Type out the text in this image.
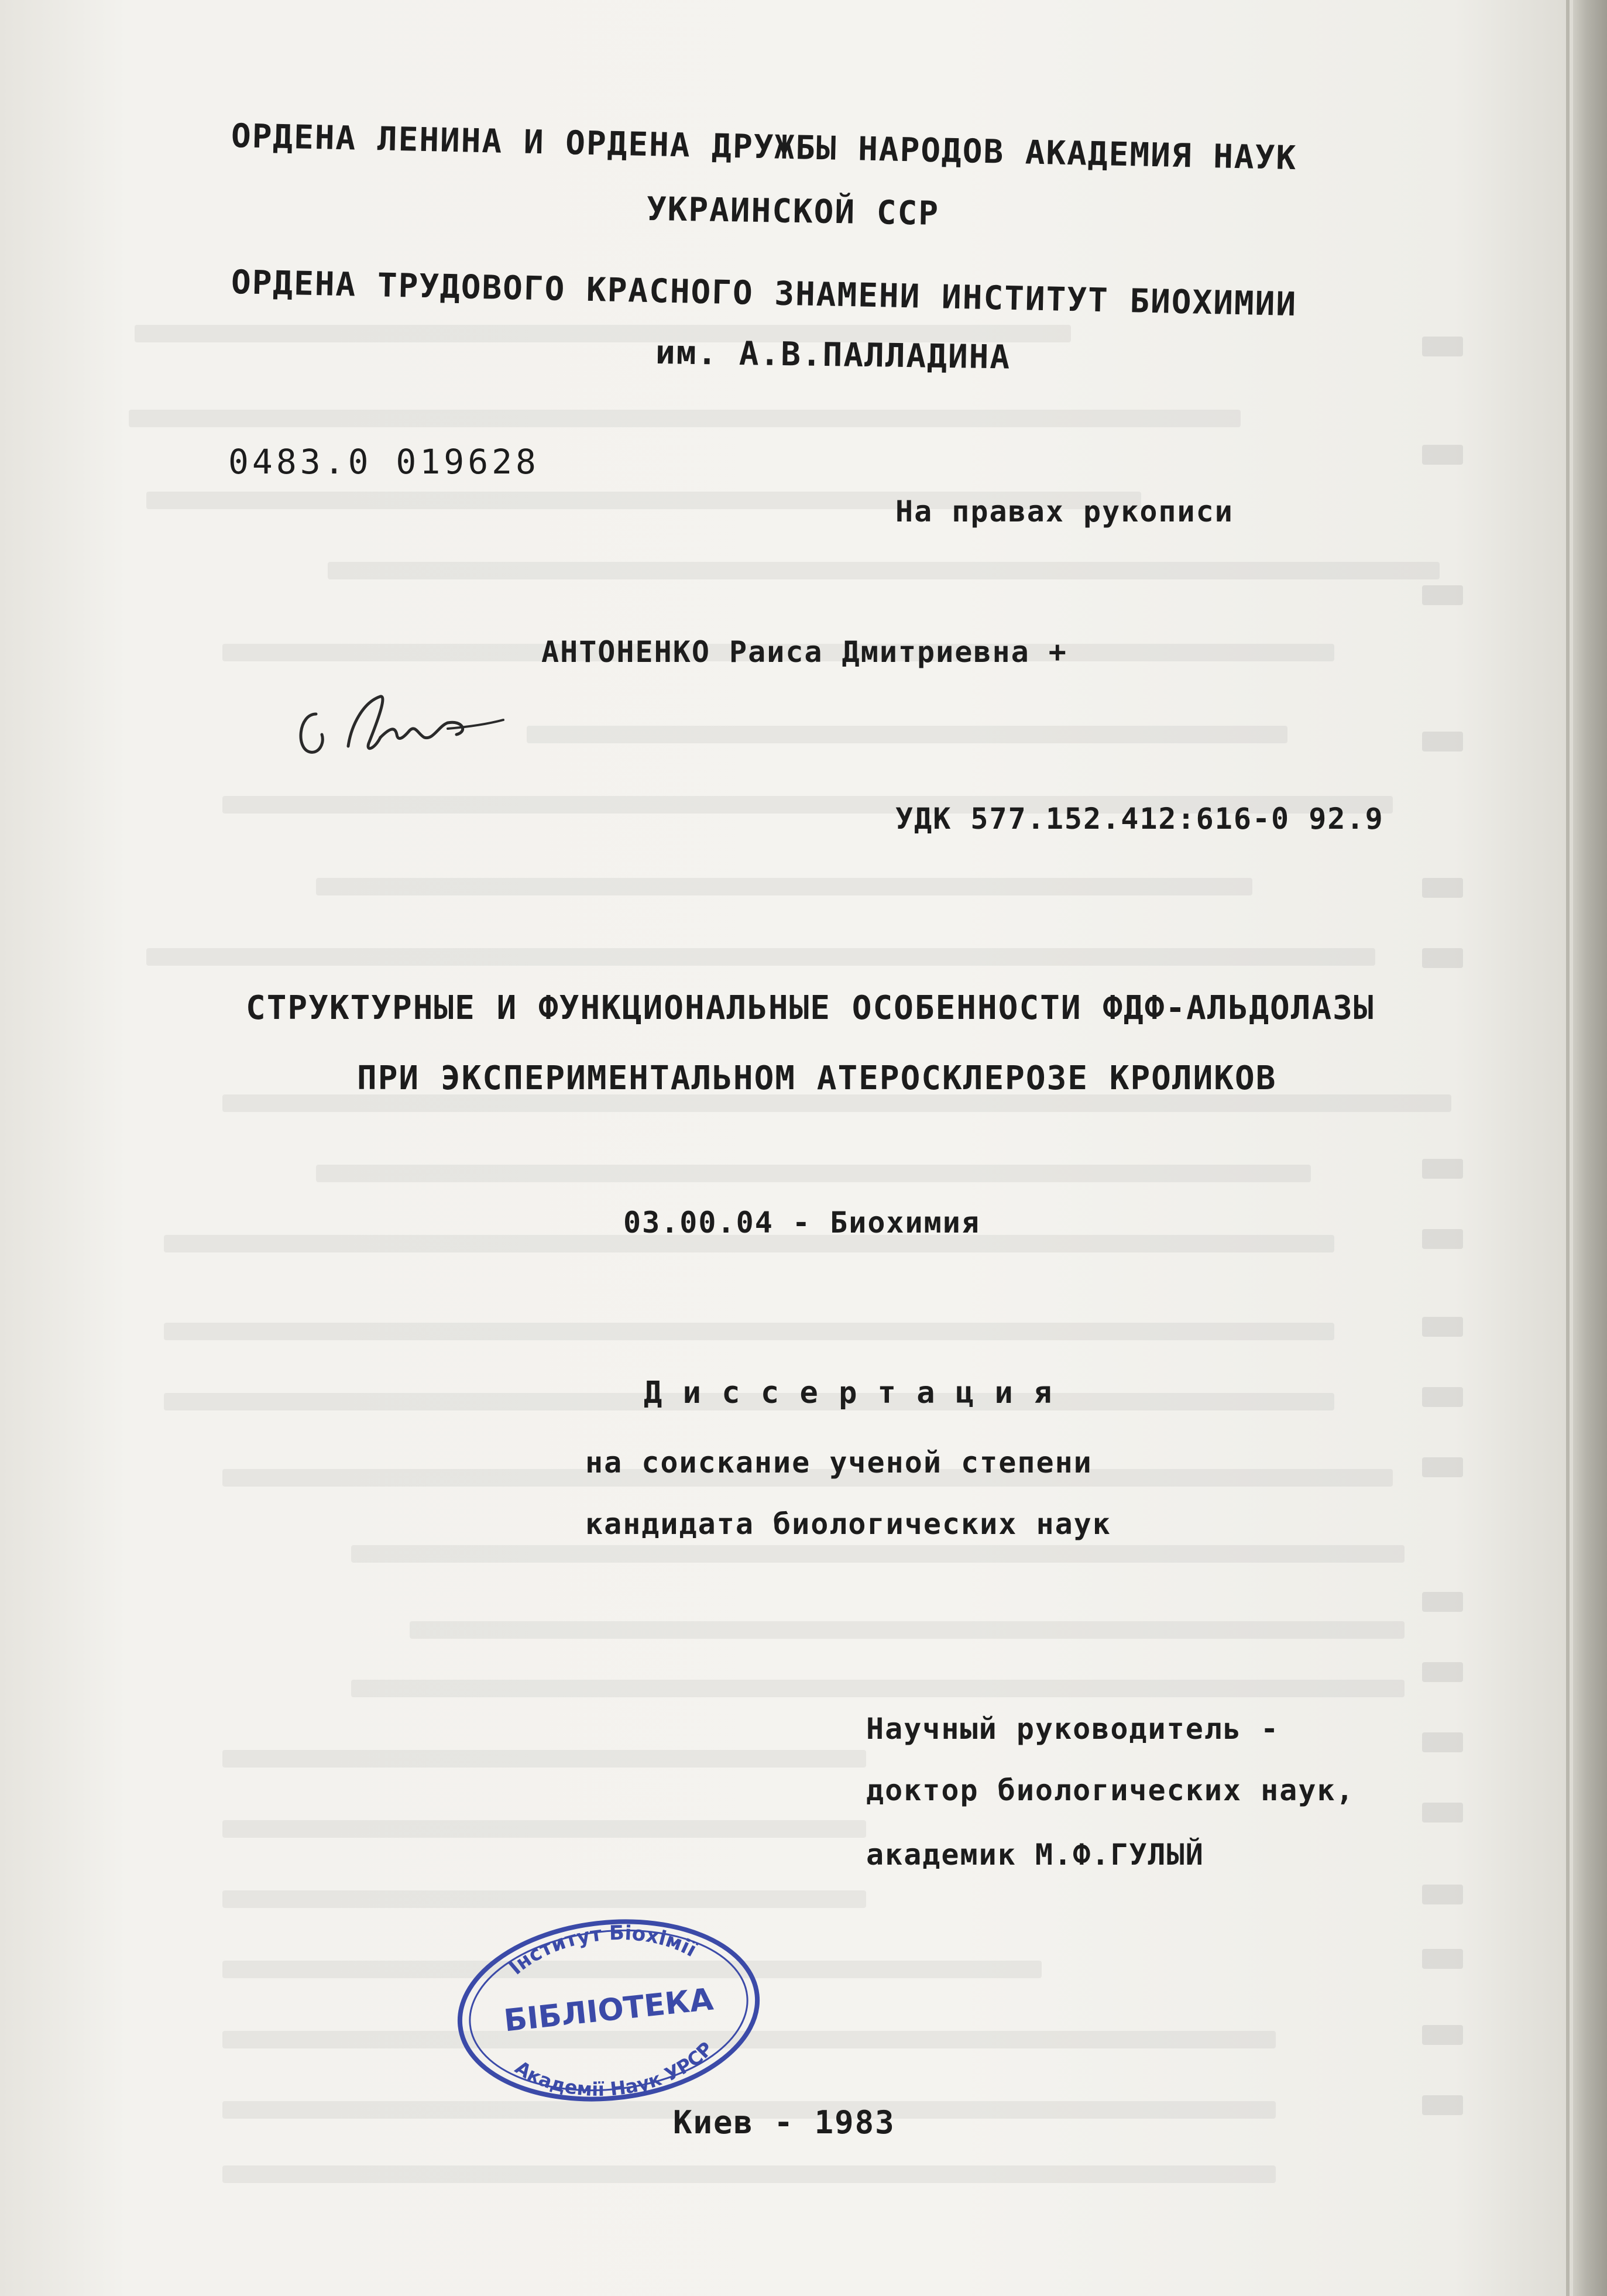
ОРДЕНА ЛЕНИНА И ОРДЕНА ДРУЖБЫ НАРОДОВ АКАДЕМИЯ НАУК
УКРАИНСКОЙ ССР
ОРДЕНА ТРУДОВОГО КРАСНОГО ЗНАМЕНИ ИНСТИТУТ БИОХИМИИ
им. А.В.ПАЛЛАДИНА
0483.0 019628
На правах рукописи
АНТОНЕНКО Раиса Дмитриевна +
УДК 577.152.412:616-0 92.9
СТРУКТУРНЫЕ И ФУНКЦИОНАЛЬНЫЕ ОСОБЕННОСТИ ФДФ-АЛЬДОЛАЗЫ
ПРИ ЭКСПЕРИМЕНТАЛЬНОМ АТЕРОСКЛЕРОЗЕ КРОЛИКОВ
03.00.04 - Биохимия
Д и с с е р т а ц и я
на соискание ученой степени
кандидата биологических наук
Научный руководитель -
доктор биологических наук,
академик М.Ф.ГУЛЫЙ
Інститут Біохімії
БІБЛІОТЕКА
Академії Наук УРСР
Киев - 1983
